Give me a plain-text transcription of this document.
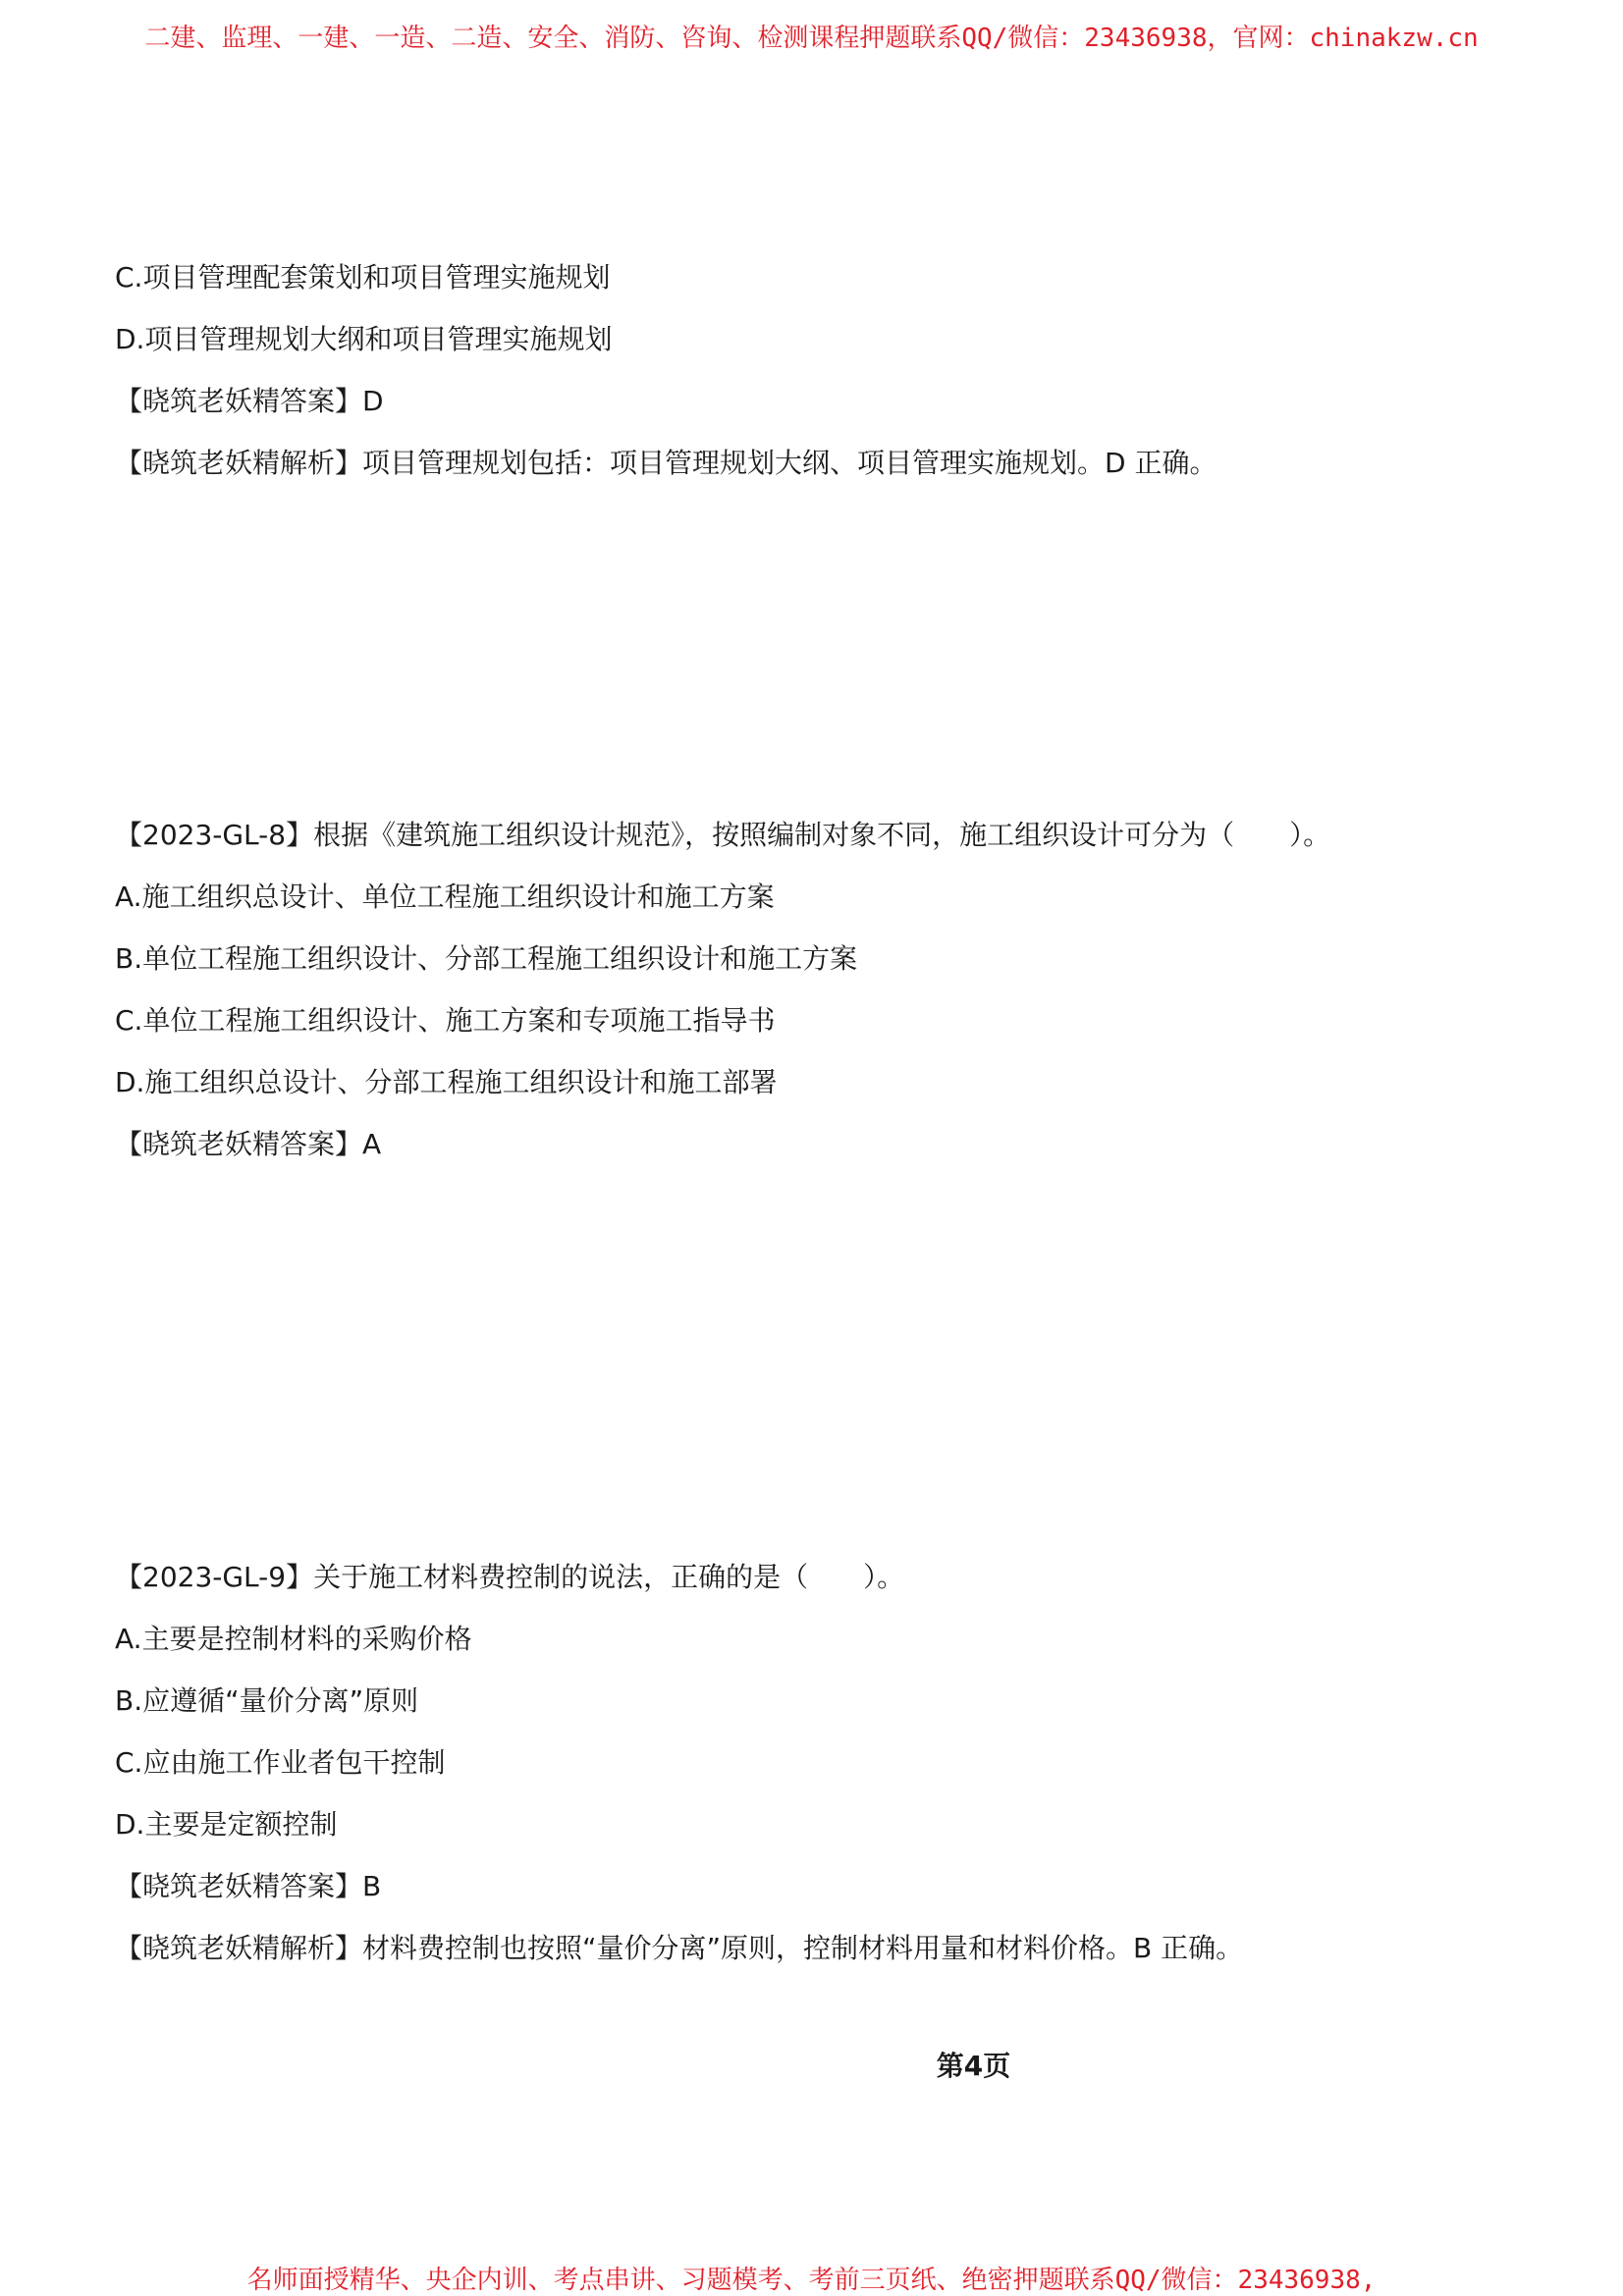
二建、监理、一建、一造、二造、安全、消防、咨询、检测课程押题联系QQ/微信：23436938，官网：chinakzw.cn
C.项目管理配套策划和项目管理实施规划
D.项目管理规划大纲和项目管理实施规划
【晓筑老妖精答案】D
【晓筑老妖精解析】项目管理规划包括：项目管理规划大纲、项目管理实施规划。D 正确。
【2023-GL-8】根据《建筑施工组织设计规范》，按照编制对象不同，施工组织设计可分为（　　）。
A.施工组织总设计、单位工程施工组织设计和施工方案
B.单位工程施工组织设计、分部工程施工组织设计和施工方案
C.单位工程施工组织设计、施工方案和专项施工指导书
D.施工组织总设计、分部工程施工组织设计和施工部署
【晓筑老妖精答案】A
【2023-GL-9】关于施工材料费控制的说法，正确的是（　　）。
A.主要是控制材料的采购价格
B.应遵循“量价分离”原则
C.应由施工作业者包干控制
D.主要是定额控制
【晓筑老妖精答案】B
【晓筑老妖精解析】材料费控制也按照“量价分离”原则，控制材料用量和材料价格。B 正确。
第4页
名师面授精华、央企内训、考点串讲、习题模考、考前三页纸、绝密押题联系QQ/微信：23436938,
